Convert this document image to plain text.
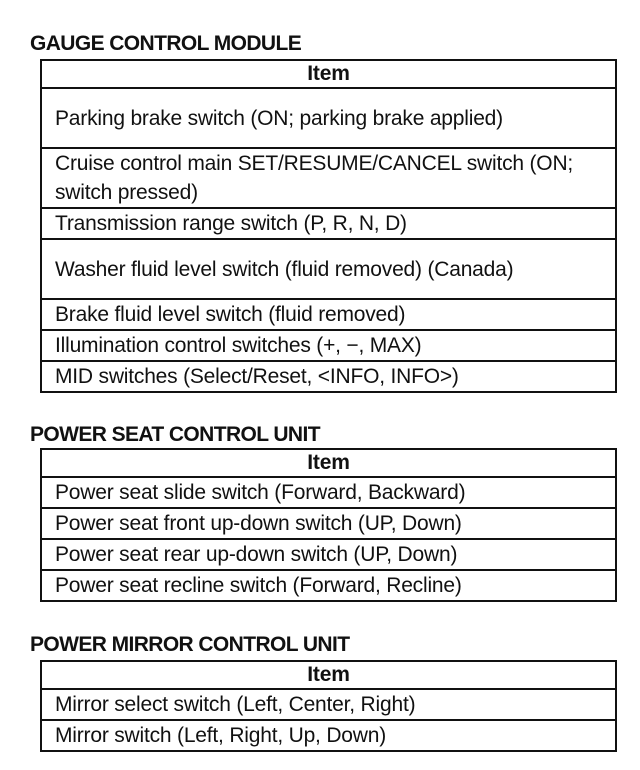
GAUGE CONTROL MODULE
Item
Parking brake switch (ON; parking brake applied)
Cruise control main SET/RESUME/CANCEL switch (ON; switch pressed)
Transmission range switch (P, R, N, D)
Washer fluid level switch (fluid removed) (Canada)
Brake fluid level switch (fluid removed)
Illumination control switches (+, −, MAX)
MID switches (Select/Reset, <INFO, INFO>)
POWER SEAT CONTROL UNIT
Item
Power seat slide switch (Forward, Backward)
Power seat front up-down switch (UP, Down)
Power seat rear up-down switch (UP, Down)
Power seat recline switch (Forward, Recline)
POWER MIRROR CONTROL UNIT
Item
Mirror select switch (Left, Center, Right)
Mirror switch (Left, Right, Up, Down)
